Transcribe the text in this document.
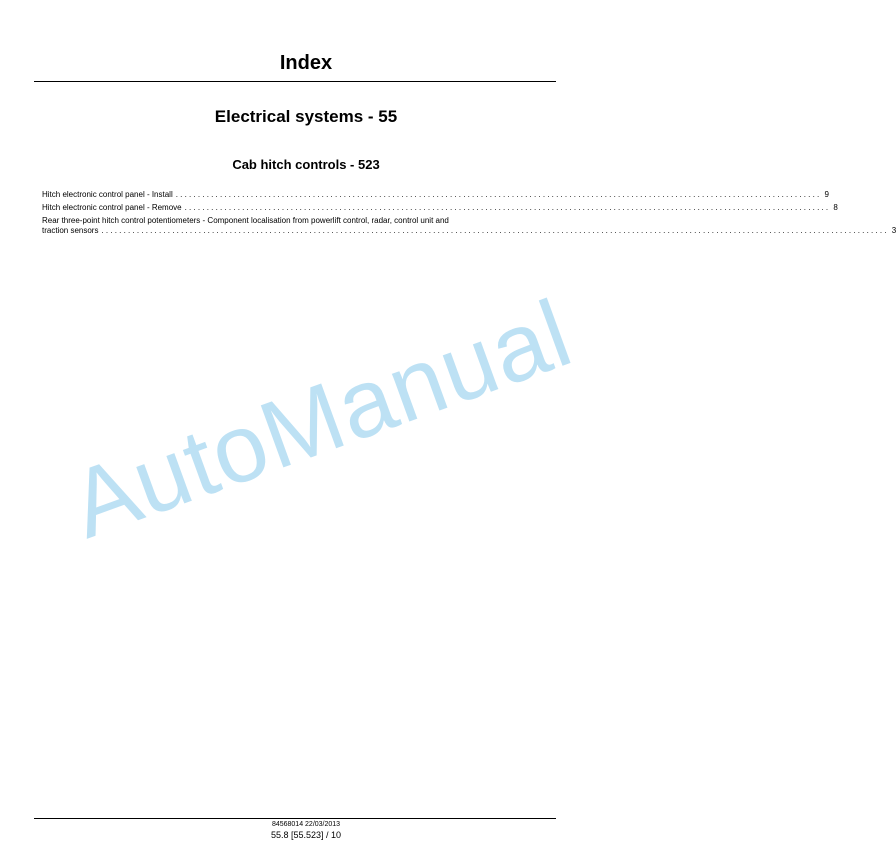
Index
Electrical systems - 55
Cab hitch controls - 523
Hitch electronic control panel - Install .................................................................................................................................................. 9
Hitch electronic control panel - Remove .................................................................................................................................................. 8
Rear three-point hitch control potentiometers - Component localisation from powerlift control, radar, control unit and
traction sensors .................................................................................................................................................................................. 3
AutoManual
84568014 22/03/2013
55.8 [55.523] / 10
